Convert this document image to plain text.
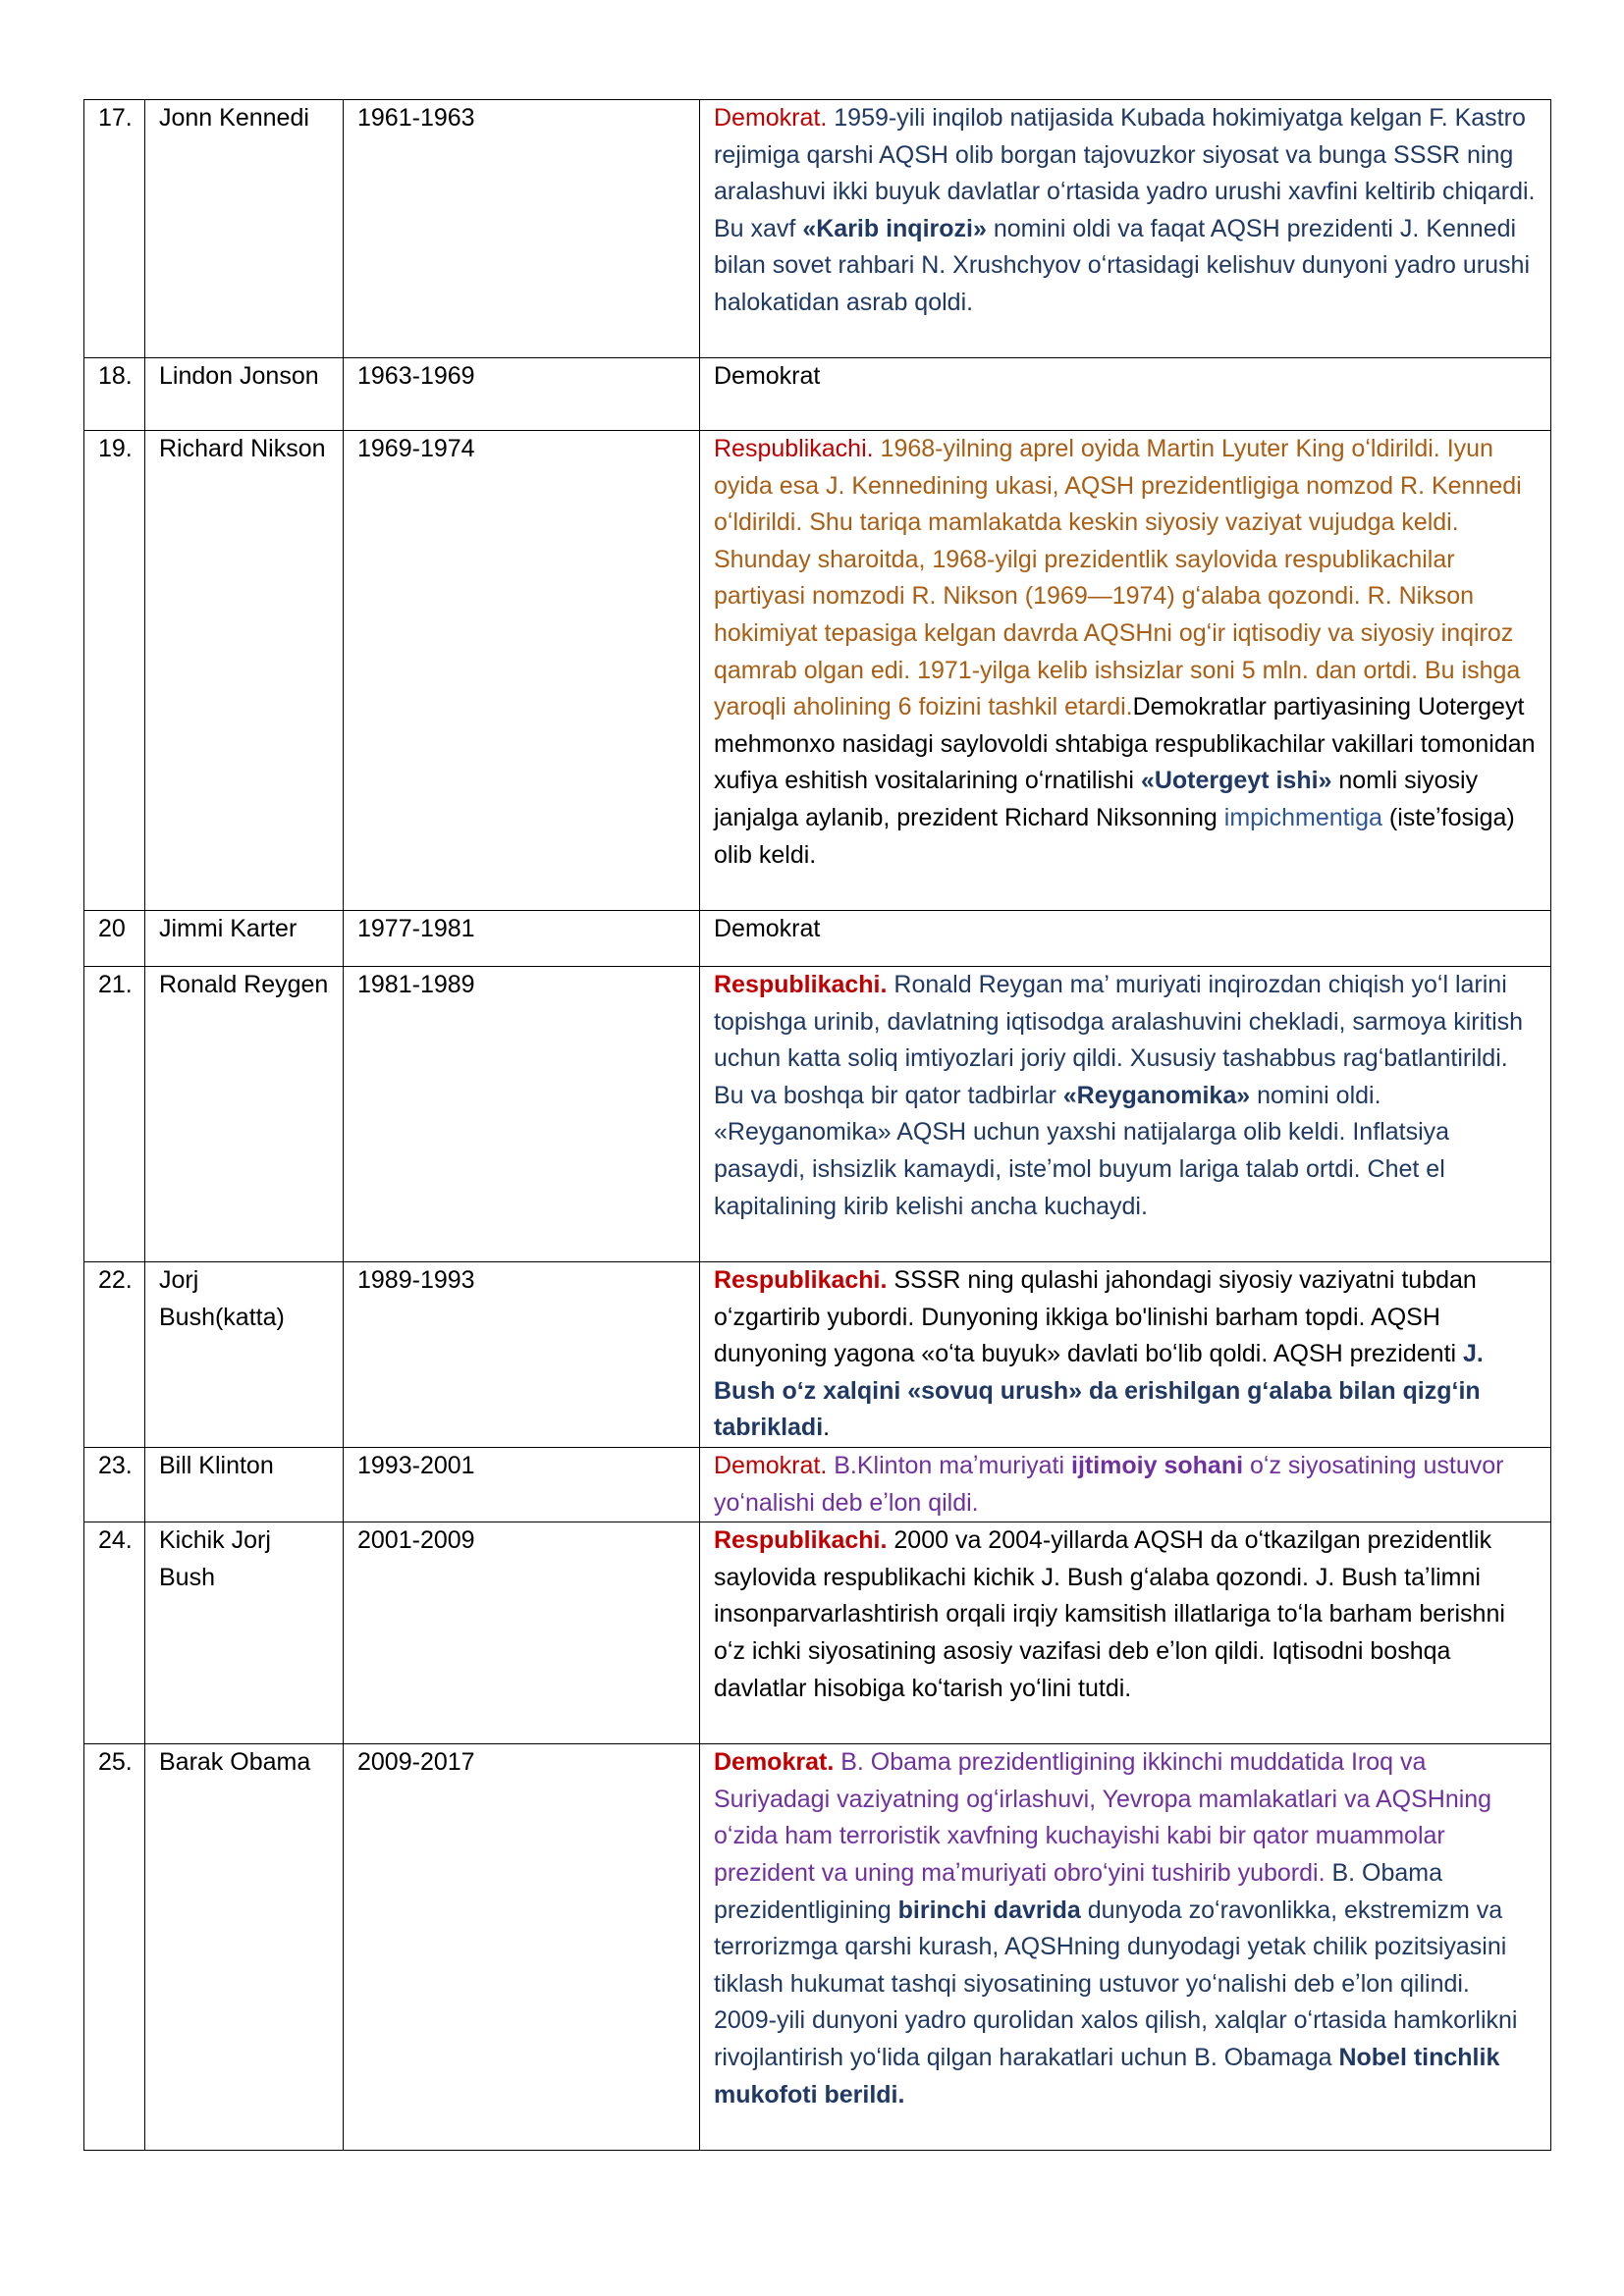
17.	Jonn Kennedi	1961-1963	Demokrat. 1959-yili inqilob natijasida Kubada hokimiyatga kelgan F. Kastro rejimiga qarshi AQSH olib borgan tajovuzkor siyosat va bunga SSSR ning aralashuvi ikki buyuk davlatlar oʻrtasida yadro urushi xavfini keltirib chiqardi. Bu xavf «Karib inqirozi» nomini oldi va faqat AQSH prezidenti J. Kennedi bilan sovet rahbari N. Xrushchyov oʻrtasidagi kelishuv dunyoni yadro urushi halokatidan asrab qoldi.
18.	Lindon Jonson	1963-1969	Demokrat
19.	Richard Nikson	1969-1974	Respublikachi. 1968-yilning aprel oyida Martin Lyuter King oʻldirildi. Iyun oyida esa J. Kennedining ukasi, AQSH prezidentligiga nomzod R. Kennedi oʻldirildi. Shu tariqa mamlakatda keskin siyosiy vaziyat vujudga keldi. Shunday sharoitda, 1968-yilgi prezidentlik saylovida respublikachilar partiyasi nomzodi R. Nikson (1969—1974) gʻalaba qozondi. R. Nikson hokimiyat tepasiga kelgan davrda AQSHni ogʻir iqtisodiy va siyosiy inqiroz qamrab olgan edi. 1971-yilga kelib ishsizlar soni 5 mln. dan ortdi. Bu ishga yaroqli aholining 6 foizini tashkil etardi.Demokratlar partiyasining Uotergeyt mehmonxo nasidagi saylovoldi shtabiga respublikachilar vakillari tomonidan xufiya eshitish vositalarining oʻrnatilishi «Uotergeyt ishi» nomli siyosiy janjalga aylanib, prezident Richard Niksonning impichmentiga (isteʼfosiga) olib keldi.
20	Jimmi Karter	1977-1981	Demokrat
21.	Ronald Reygen	1981-1989	Respublikachi. Ronald Reygan ma’ muriyati inqirozdan chiqish yoʻl larini topishga urinib, davlatning iqtisodga aralashuvini chekladi, sarmoya kiritish uchun katta soliq imtiyozlari joriy qildi. Xususiy tashabbus ragʻbatlantirildi. Bu va boshqa bir qator tadbirlar «Reyganomika» nomini oldi. «Reyganomika» AQSH uchun yaxshi natijalarga olib keldi. Inflatsiya pasaydi, ishsizlik kamaydi, isteʼmol buyum lariga talab ortdi. Chet el kapitalining kirib kelishi ancha kuchaydi.
22.	Jorj Bush(katta)	1989-1993	Respublikachi. SSSR ning qulashi jahondagi siyosiy vaziyatni tubdan oʻzgartirib yubordi. Dunyoning ikkiga bo'linishi barham topdi. AQSH dunyoning yagona «oʻta buyuk» davlati boʻlib qoldi. AQSH prezidenti J. Bush oʻz xalqini «sovuq urush» da erishilgan gʻalaba bilan qizgʻin tabrikladi.
23.	Bill Klinton	1993-2001	Demokrat. B.Klinton maʼmuriyati ijtimoiy sohani oʻz siyosatining ustuvor yoʻnalishi deb eʼlon qildi.
24.	Kichik Jorj Bush	2001-2009	Respublikachi. 2000 va 2004-yillarda AQSH da oʻtkazilgan prezidentlik saylovida respublikachi kichik J. Bush gʻalaba qozondi. J. Bush taʼlimni insonparvarlashtirish orqali irqiy kamsitish illatlariga toʻla barham berishni oʻz ichki siyosatining asosiy vazifasi deb eʼlon qildi. Iqtisodni boshqa davlatlar hisobiga koʻtarish yoʻlini tutdi.
25.	Barak Obama	2009-2017	Demokrat. B. Obama prezidentligining ikkinchi muddatida Iroq va Suriyadagi vaziyatning ogʻirlashuvi, Yevropa mamlakatlari va AQSHning oʻzida ham terroristik xavfning kuchayishi kabi bir qator muammolar prezident va uning maʼmuriyati obroʻyini tushirib yubordi. B. Obama prezidentligining birinchi davrida dunyoda zoʻravonlikka, ekstremizm va terrorizmga qarshi kurash, AQSHning dunyodagi yetak chilik pozitsiyasini tiklash hukumat tashqi siyosatining ustuvor yoʻnalishi deb eʼlon qilindi. 2009-yili dunyoni yadro qurolidan xalos qilish, xalqlar oʻrtasida hamkorlikni rivojlantirish yoʻlida qilgan harakatlari uchun B. Obamaga Nobel tinchlik mukofoti berildi.
